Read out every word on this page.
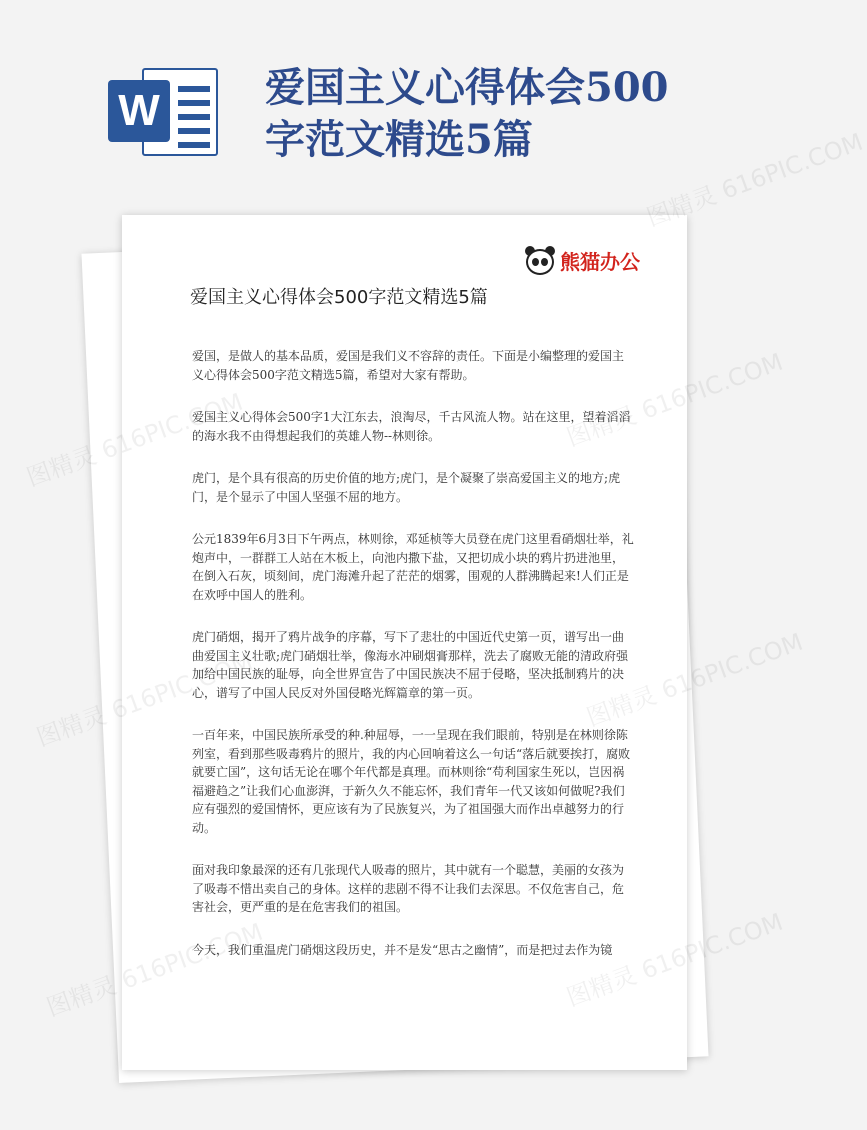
W	爱国主义心得体会500字范文精选5篇
熊猫办公
爱国主义心得体会500字范文精选5篇

爱国，是做人的基本品质，爱国是我们义不容辞的责任。下面是小编整理的爱国主义心得体会500字范文精选5篇，希望对大家有帮助。

爱国主义心得体会500字1大江东去，浪淘尽，千古风流人物。站在这里，望着滔滔的海水我不由得想起我们的英雄人物--林则徐。

虎门，是个具有很高的历史价值的地方;虎门，是个凝聚了崇高爱国主义的地方;虎门，是个显示了中国人坚强不屈的地方。

公元1839年6月3日下午两点，林则徐，邓延桢等大员登在虎门这里看硝烟壮举，礼炮声中，一群群工人站在木板上，向池内撒下盐，又把切成小块的鸦片扔进池里，在倒入石灰，顷刻间，虎门海滩升起了茫茫的烟雾，围观的人群沸腾起来!人们正是在欢呼中国人的胜利。

虎门硝烟，揭开了鸦片战争的序幕，写下了悲壮的中国近代史第一页，谱写出一曲曲爱国主义壮歌;虎门硝烟壮举，像海水冲刷烟膏那样，洗去了腐败无能的清政府强加给中国民族的耻辱，向全世界宣告了中国民族决不屈于侵略，坚决抵制鸦片的决心，谱写了中国人民反对外国侵略光辉篇章的第一页。

一百年来，中国民族所承受的种.种屈辱，一一呈现在我们眼前，特别是在林则徐陈列室，看到那些吸毒鸦片的照片，我的内心回响着这么一句话“落后就要挨打，腐败就要亡国”，这句话无论在哪个年代都是真理。而林则徐“苟利国家生死以，岂因祸福避趋之”让我们心血澎湃，于新久久不能忘怀，我们青年一代又该如何做呢?我们应有强烈的爱国情怀，更应该有为了民族复兴，为了祖国强大而作出卓越努力的行动。

面对我印象最深的还有几张现代人吸毒的照片，其中就有一个聪慧，美丽的女孩为了吸毒不惜出卖自己的身体。这样的悲剧不得不让我们去深思。不仅危害自己，危害社会，更严重的是在危害我们的祖国。

今天，我们重温虎门硝烟这段历史，并不是发“思古之幽情”，而是把过去作为镜

图精灵
616PIC.COM
图精灵	图精灵 616PIC.COM
图精灵
616PIC.COM
图精灵 616PIC.COM
